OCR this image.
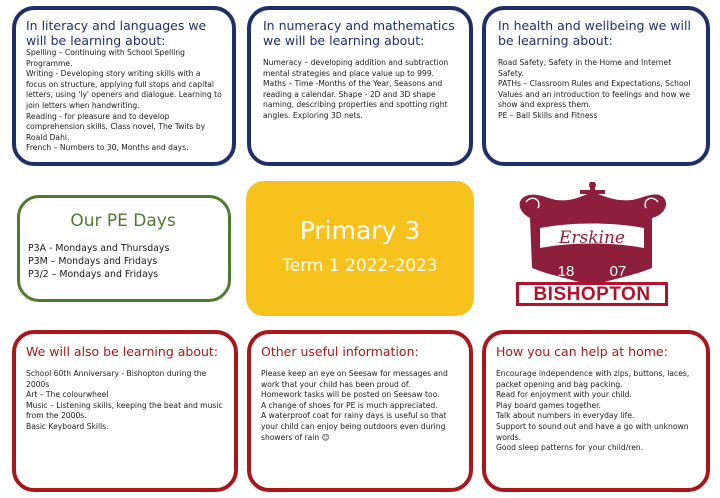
In literacy and languages we will be learning about:

Spelling – Continuing with School Spelling Programme.

Writing - Developing story writing skills with a focus on structure, applying full stops and capital letters, using 'ly' openers and dialogue. Learning to join letters when handwriting.

Reading - for pleasure and to develop comprehension skills. Class novel, The Twits by Roald Dahl.

French – Numbers to 30, Months and days.

In numeracy and mathematics we will be learning about:

Numeracy – developing addition and subtraction mental strategies and place value up to 999.

Maths – Time -Months of the Year, Seasons and reading a calendar. Shape - 2D and 3D shape naming, describing properties and spotting right angles. Exploring 3D nets.

In health and wellbeing we will be learning about:

Road Safety, Safety in the Home and Internet Safety.

PATHs – Classroom Rules and Expectations, School Values and an introduction to feelings and how we show and express them.

PE – Ball Skills and Fitness

Our PE Days
P3A - Mondays and Thursdays
P3M – Mondays and Fridays
P3/2 – Mondays and Fridays
Primary 3
Term 1 2022-2023
Erskine
18 07
BISHOPTON
We will also be learning about:

School 60th Anniversary - Bishopton during the 2000s

Art – The colourwheel

Music – Listening skills, keeping the beat and music from the 2000s.

Basic Keyboard Skills.

Other useful information:

Please keep an eye on Seesaw for messages and work that your child has been proud of.

Homework tasks will be posted on Seesaw too.

A change of shoes for PE is much appreciated.

A waterproof coat for rainy days is useful so that your child can enjoy being outdoors even during showers of rain 😊

How you can help at home:

Encourage independence with zips, buttons, laces, packet opening and bag packing.

Read for enjoyment with your child.

Play board games together.

Talk about numbers in everyday life.

Support to sound out and have a go with unknown words.

Good sleep patterns for your child/ren.
